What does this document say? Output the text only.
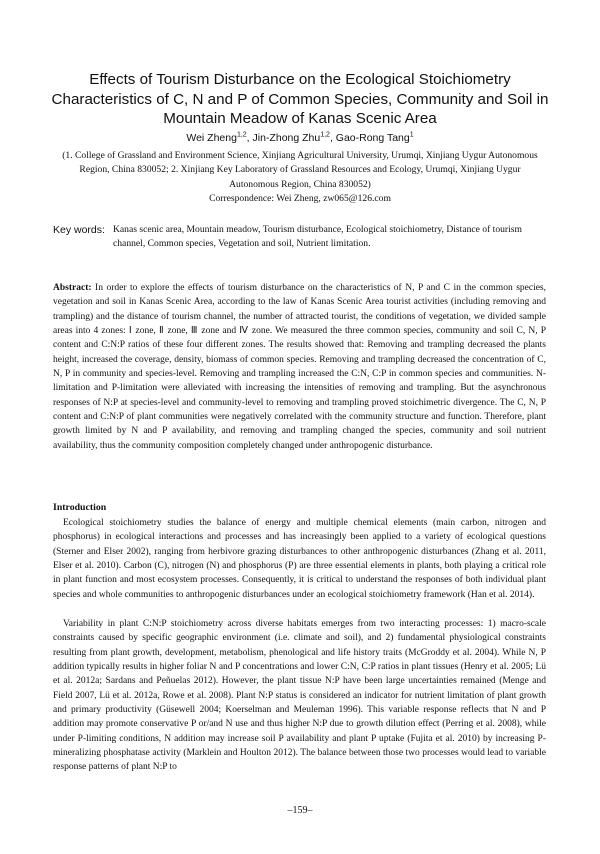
Effects of Tourism Disturbance on the Ecological Stoichiometry Characteristics of C, N and P of Common Species, Community and Soil in Mountain Meadow of Kanas Scenic Area
Wei Zheng$^{1,2}$, Jin-Zhong Zhu$^{1,2}$, Gao-Rong Tang$^1$
(1. College of Grassland and Environment Science, Xinjiang Agricultural University, Urumqi, Xinjiang Uygur Autonomous Region, China 830052; 2. Xinjiang Key Laboratory of Grassland Resources and Ecology, Urumqi, Xinjiang Uygur Autonomous Region, China 830052)
Correspondence: Wei Zheng, zw065@126.com
Key words: Kanas scenic area, Mountain meadow, Tourism disturbance, Ecological stoichiometry, Distance of tourism channel, Common species, Vegetation and soil, Nutrient limitation.

Abstract: In order to explore the effects of tourism disturbance on the characteristics of N, P and C in the common species, vegetation and soil in Kanas Scenic Area, according to the law of Kanas Scenic Area tourist activities (including removing and trampling) and the distance of tourism channel, the number of attracted tourist, the conditions of vegetation, we divided sample areas into 4 zones: Ⅰ zone, Ⅱ zone, Ⅲ zone and Ⅳ zone. We measured the three common species, community and soil C, N, P content and C:N:P ratios of these four different zones. The results showed that: Removing and trampling decreased the plants height, increased the coverage, density, biomass of common species. Removing and trampling decreased the concentration of C, N, P in community and species-level. Removing and trampling increased the C:N, C:P in common species and communities. N-limitation and P-limitation were alleviated with increasing the intensities of removing and trampling. But the asynchronous responses of N:P at species-level and community-level to removing and trampling proved stoichimetric divergence. The C, N, P content and C:N:P of plant communities were negatively correlated with the community structure and function. Therefore, plant growth limited by N and P availability, and removing and trampling changed the species, community and soil nutrient availability, thus the community composition completely changed under anthropogenic disturbance.

Introduction

Ecological stoichiometry studies the balance of energy and multiple chemical elements (main carbon, nitrogen and phosphorus) in ecological interactions and processes and has increasingly been applied to a variety of ecological questions (Sterner and Elser 2002), ranging from herbivore grazing disturbances to other anthropogenic disturbances (Zhang et al. 2011, Elser et al. 2010). Carbon (C), nitrogen (N) and phosphorus (P) are three essential elements in plants, both playing a critical role in plant function and most ecosystem processes. Consequently, it is critical to understand the responses of both individual plant species and whole communities to anthropogenic disturbances under an ecological stoichiometry framework (Han et al. 2014).

Variability in plant C:N:P stoichiometry across diverse habitats emerges from two interacting processes: 1) macro-scale constraints caused by specific geographic environment (i.e. climate and soil), and 2) fundamental physiological constraints resulting from plant growth, development, metabolism, phenological and life history traits (McGroddy et al. 2004). While N, P addition typically results in higher foliar N and P concentrations and lower C:N, C:P ratios in plant tissues (Henry et al. 2005; Lü et al. 2012a; Sardans and Peñuelas 2012). However, the plant tissue N:P have been large uncertainties remained (Menge and Field 2007, Lü et al. 2012a, Rowe et al. 2008). Plant N:P status is considered an indicator for nutrient limitation of plant growth and primary productivity (Güsewell 2004; Koerselman and Meuleman 1996). This variable response reflects that N and P addition may promote conservative P or/and N use and thus higher N:P due to growth dilution effect (Perring et al. 2008), while under P-limiting conditions, N addition may increase soil P availability and plant P uptake (Fujita et al. 2010) by increasing P-mineralizing phosphatase activity (Marklein and Houlton 2012). The balance between those two processes would lead to variable response patterns of plant N:P to

–159–
